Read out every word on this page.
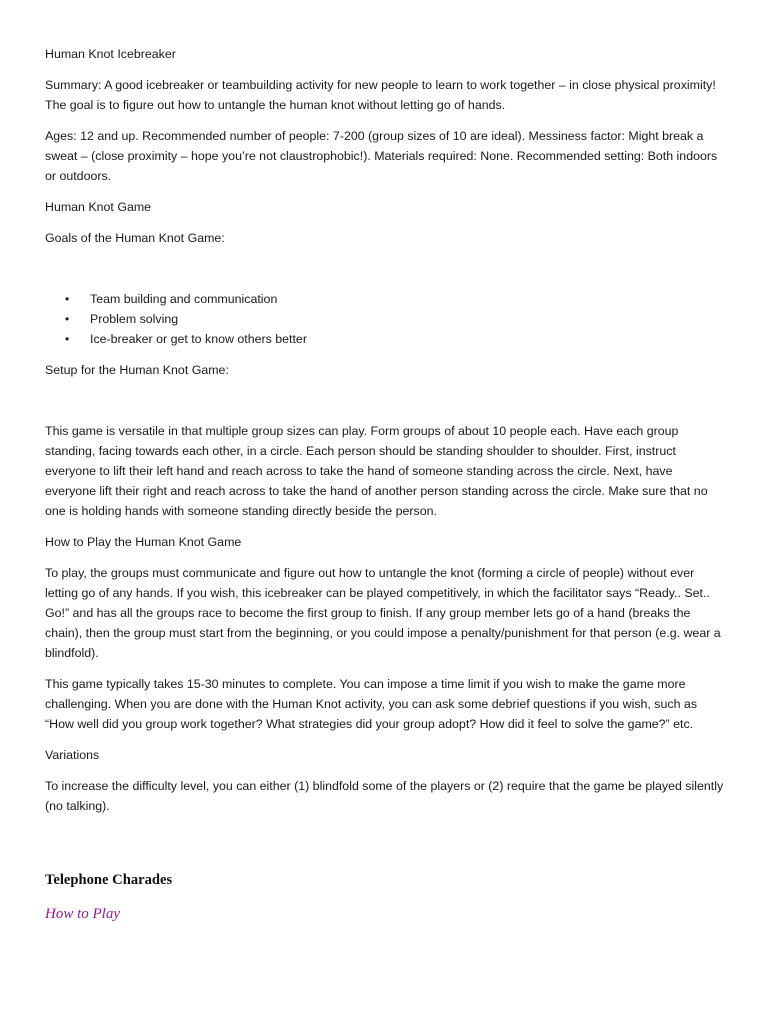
Human Knot Icebreaker

Summary: A good icebreaker or teambuilding activity for new people to learn to work together – in close physical proximity! The goal is to figure out how to untangle the human knot without letting go of hands.

Ages: 12 and up. Recommended number of people: 7-200 (group sizes of 10 are ideal). Messiness factor: Might break a sweat – (close proximity – hope you’re not claustrophobic!). Materials required: None. Recommended setting: Both indoors or outdoors.

Human Knot Game

Goals of the Human Knot Game:

• Team building and communication
• Problem solving
• Ice-breaker or get to know others better

Setup for the Human Knot Game:

This game is versatile in that multiple group sizes can play. Form groups of about 10 people each. Have each group standing, facing towards each other, in a circle. Each person should be standing shoulder to shoulder. First, instruct everyone to lift their left hand and reach across to take the hand of someone standing across the circle. Next, have everyone lift their right and reach across to take the hand of another person standing across the circle. Make sure that no one is holding hands with someone standing directly beside the person.

How to Play the Human Knot Game

To play, the groups must communicate and figure out how to untangle the knot (forming a circle of people) without ever letting go of any hands. If you wish, this icebreaker can be played competitively, in which the facilitator says “Ready.. Set.. Go!” and has all the groups race to become the first group to finish. If any group member lets go of a hand (breaks the chain), then the group must start from the beginning, or you could impose a penalty/punishment for that person (e.g. wear a blindfold).

This game typically takes 15-30 minutes to complete. You can impose a time limit if you wish to make the game more challenging. When you are done with the Human Knot activity, you can ask some debrief questions if you wish, such as “How well did you group work together? What strategies did your group adopt? How did it feel to solve the game?” etc.

Variations

To increase the difficulty level, you can either (1) blindfold some of the players or (2) require that the game be played silently (no talking).

Telephone Charades
How to Play
